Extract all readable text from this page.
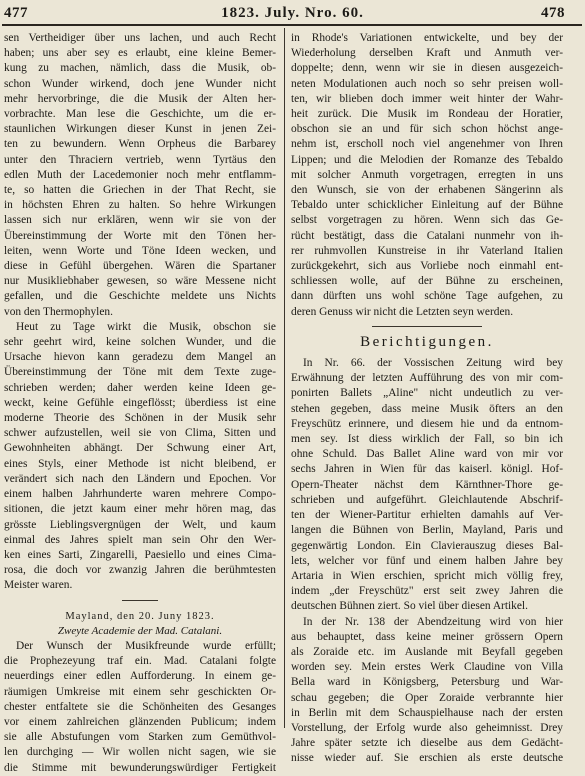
477	1823. July. Nro. 60.	478
sen Vertheidiger über uns lachen, und auch Recht
haben; uns aber sey es erlaubt, eine kleine Bemer-
kung zu machen, nämlich, dass die Musik, ob-
schon Wunder wirkend, doch jene Wunder nicht
mehr hervorbringe, die die Musik der Alten her-
vorbrachte. Man lese die Geschichte, um die er-
staunlichen Wirkungen dieser Kunst in jenen Zei-
ten zu bewundern. Wenn Orpheus die Barbarey
unter den Thraciern vertrieb, wenn Tyrtäus den
edlen Muth der Lacedemonier noch mehr entflamm-
te, so hatten die Griechen in der That Recht, sie
in höchsten Ehren zu halten. So hehre Wirkungen
lassen sich nur erklären, wenn wir sie von der
Übereinstimmung der Worte mit den Tönen her-
leiten, wenn Worte und Töne Ideen wecken, und
diese in Gefühl übergehen. Wären die Spartaner
nur Musikliebhaber gewesen, so wäre Messene nicht
gefallen, und die Geschichte meldete uns Nichts
von den Thermophylen.
Heut zu Tage wirkt die Musik, obschon sie
sehr geehrt wird, keine solchen Wunder, und die
Ursache hievon kann geradezu dem Mangel an
Übereinstimmung der Töne mit dem Texte zuge-
schrieben werden; daher werden keine Ideen ge-
weckt, keine Gefühle eingeflösst; überdiess ist eine
moderne Theorie des Schönen in der Musik sehr
schwer aufzustellen, weil sie von Clima, Sitten und
Gewohnheiten abhängt. Der Schwung einer Art,
eines Styls, einer Methode ist nicht bleibend, er
verändert sich nach den Ländern und Epochen. Vor
einem halben Jahrhunderte waren mehrere Compo-
sitionen, die jetzt kaum einer mehr hören mag, das
grösste Lieblingsvergnügen der Welt, und kaum
einmal des Jahres spielt man sein Ohr den Wer-
ken eines Sarti, Zingarelli, Paesiello und eines Cima-
rosa, die doch vor zwanzig Jahren die berühmtesten
Meister waren.
Mayland, den 20. Juny 1823.
Zweyte Academie der Mad. Catalani.
Der Wunsch der Musikfreunde wurde erfüllt;
die Prophezeyung traf ein. Mad. Catalani folgte
neuerdings einer edlen Aufforderung. In einem ge-
räumigen Umkreise mit einem sehr geschickten Or-
chester entfaltete sie die Schönheiten des Gesanges
vor einem zahlreichen glänzenden Publicum; indem
sie alle Abstufungen vom Starken zum Gemüthvol-
len durchging — Wir wollen nicht sagen, wie sie
die Stimme mit bewunderungswürdiger Fertigkeit
in Rhode's Variationen entwickelte, und bey der
Wiederholung derselben Kraft und Anmuth ver-
doppelte; denn, wenn wir sie in diesen ausgezeich-
neten Modulationen auch noch so sehr preisen woll-
ten, wir blieben doch immer weit hinter der Wahr-
heit zurück. Die Musik im Rondeau der Horatier,
obschon sie an und für sich schon höchst ange-
nehm ist, erscholl noch viel angenehmer von Ihren
Lippen; und die Melodien der Romanze des Tebaldo
mit solcher Anmuth vorgetragen, erregten in uns
den Wunsch, sie von der erhabenen Sängerinn als
Tebaldo unter schicklicher Einleitung auf der Bühne
selbst vorgetragen zu hören. Wenn sich das Ge-
rücht bestätigt, dass die Catalani nunmehr von ih-
rer ruhmvollen Kunstreise in ihr Vaterland Italien
zurückgekehrt, sich aus Vorliebe noch einmahl ent-
schliessen wolle, auf der Bühne zu erscheinen,
dann dürften uns wohl schöne Tage aufgehen, zu
deren Genuss wir nicht die Letzten seyn werden.
Berichtigungen.
In Nr. 66. der Vossischen Zeitung wird bey
Erwähnung der letzten Aufführung des von mir com-
ponirten Ballets „Aline" nicht undeutlich zu ver-
stehen gegeben, dass meine Musik öfters an den
Freyschütz erinnere, und diesem hie und da entnom-
men sey. Ist diess wirklich der Fall, so bin ich
ohne Schuld. Das Ballet Aline ward von mir vor
sechs Jahren in Wien für das kaiserl. königl. Hof-
Opern-Theater nächst dem Kärnthner-Thore ge-
schrieben und aufgeführt. Gleichlautende Abschrif-
ten der Wiener-Partitur erhielten damahls auf Ver-
langen die Bühnen von Berlin, Mayland, Paris und
gegenwärtig London. Ein Clavierauszug dieses Bal-
lets, welcher vor fünf und einem halben Jahre bey
Artaria in Wien erschien, spricht mich völlig frey,
indem „der Freyschütz" erst seit zwey Jahren die
deutschen Bühnen ziert. So viel über diesen Artikel.
In der Nr. 138 der Abendzeitung wird von hier
aus behauptet, dass keine meiner grössern Opern
als Zoraide etc. im Auslande mit Beyfall gegeben
worden sey. Mein erstes Werk Claudine von Villa
Bella ward in Königsberg, Petersburg und War-
schau gegeben; die Oper Zoraide verbrannte hier
in Berlin mit dem Schauspielhause nach der ersten
Vorstellung, der Erfolg wurde also geheimnisst. Drey
Jahre später setzte ich dieselbe aus dem Gedächt-
nisse wieder auf. Sie erschien als erste deutsche
